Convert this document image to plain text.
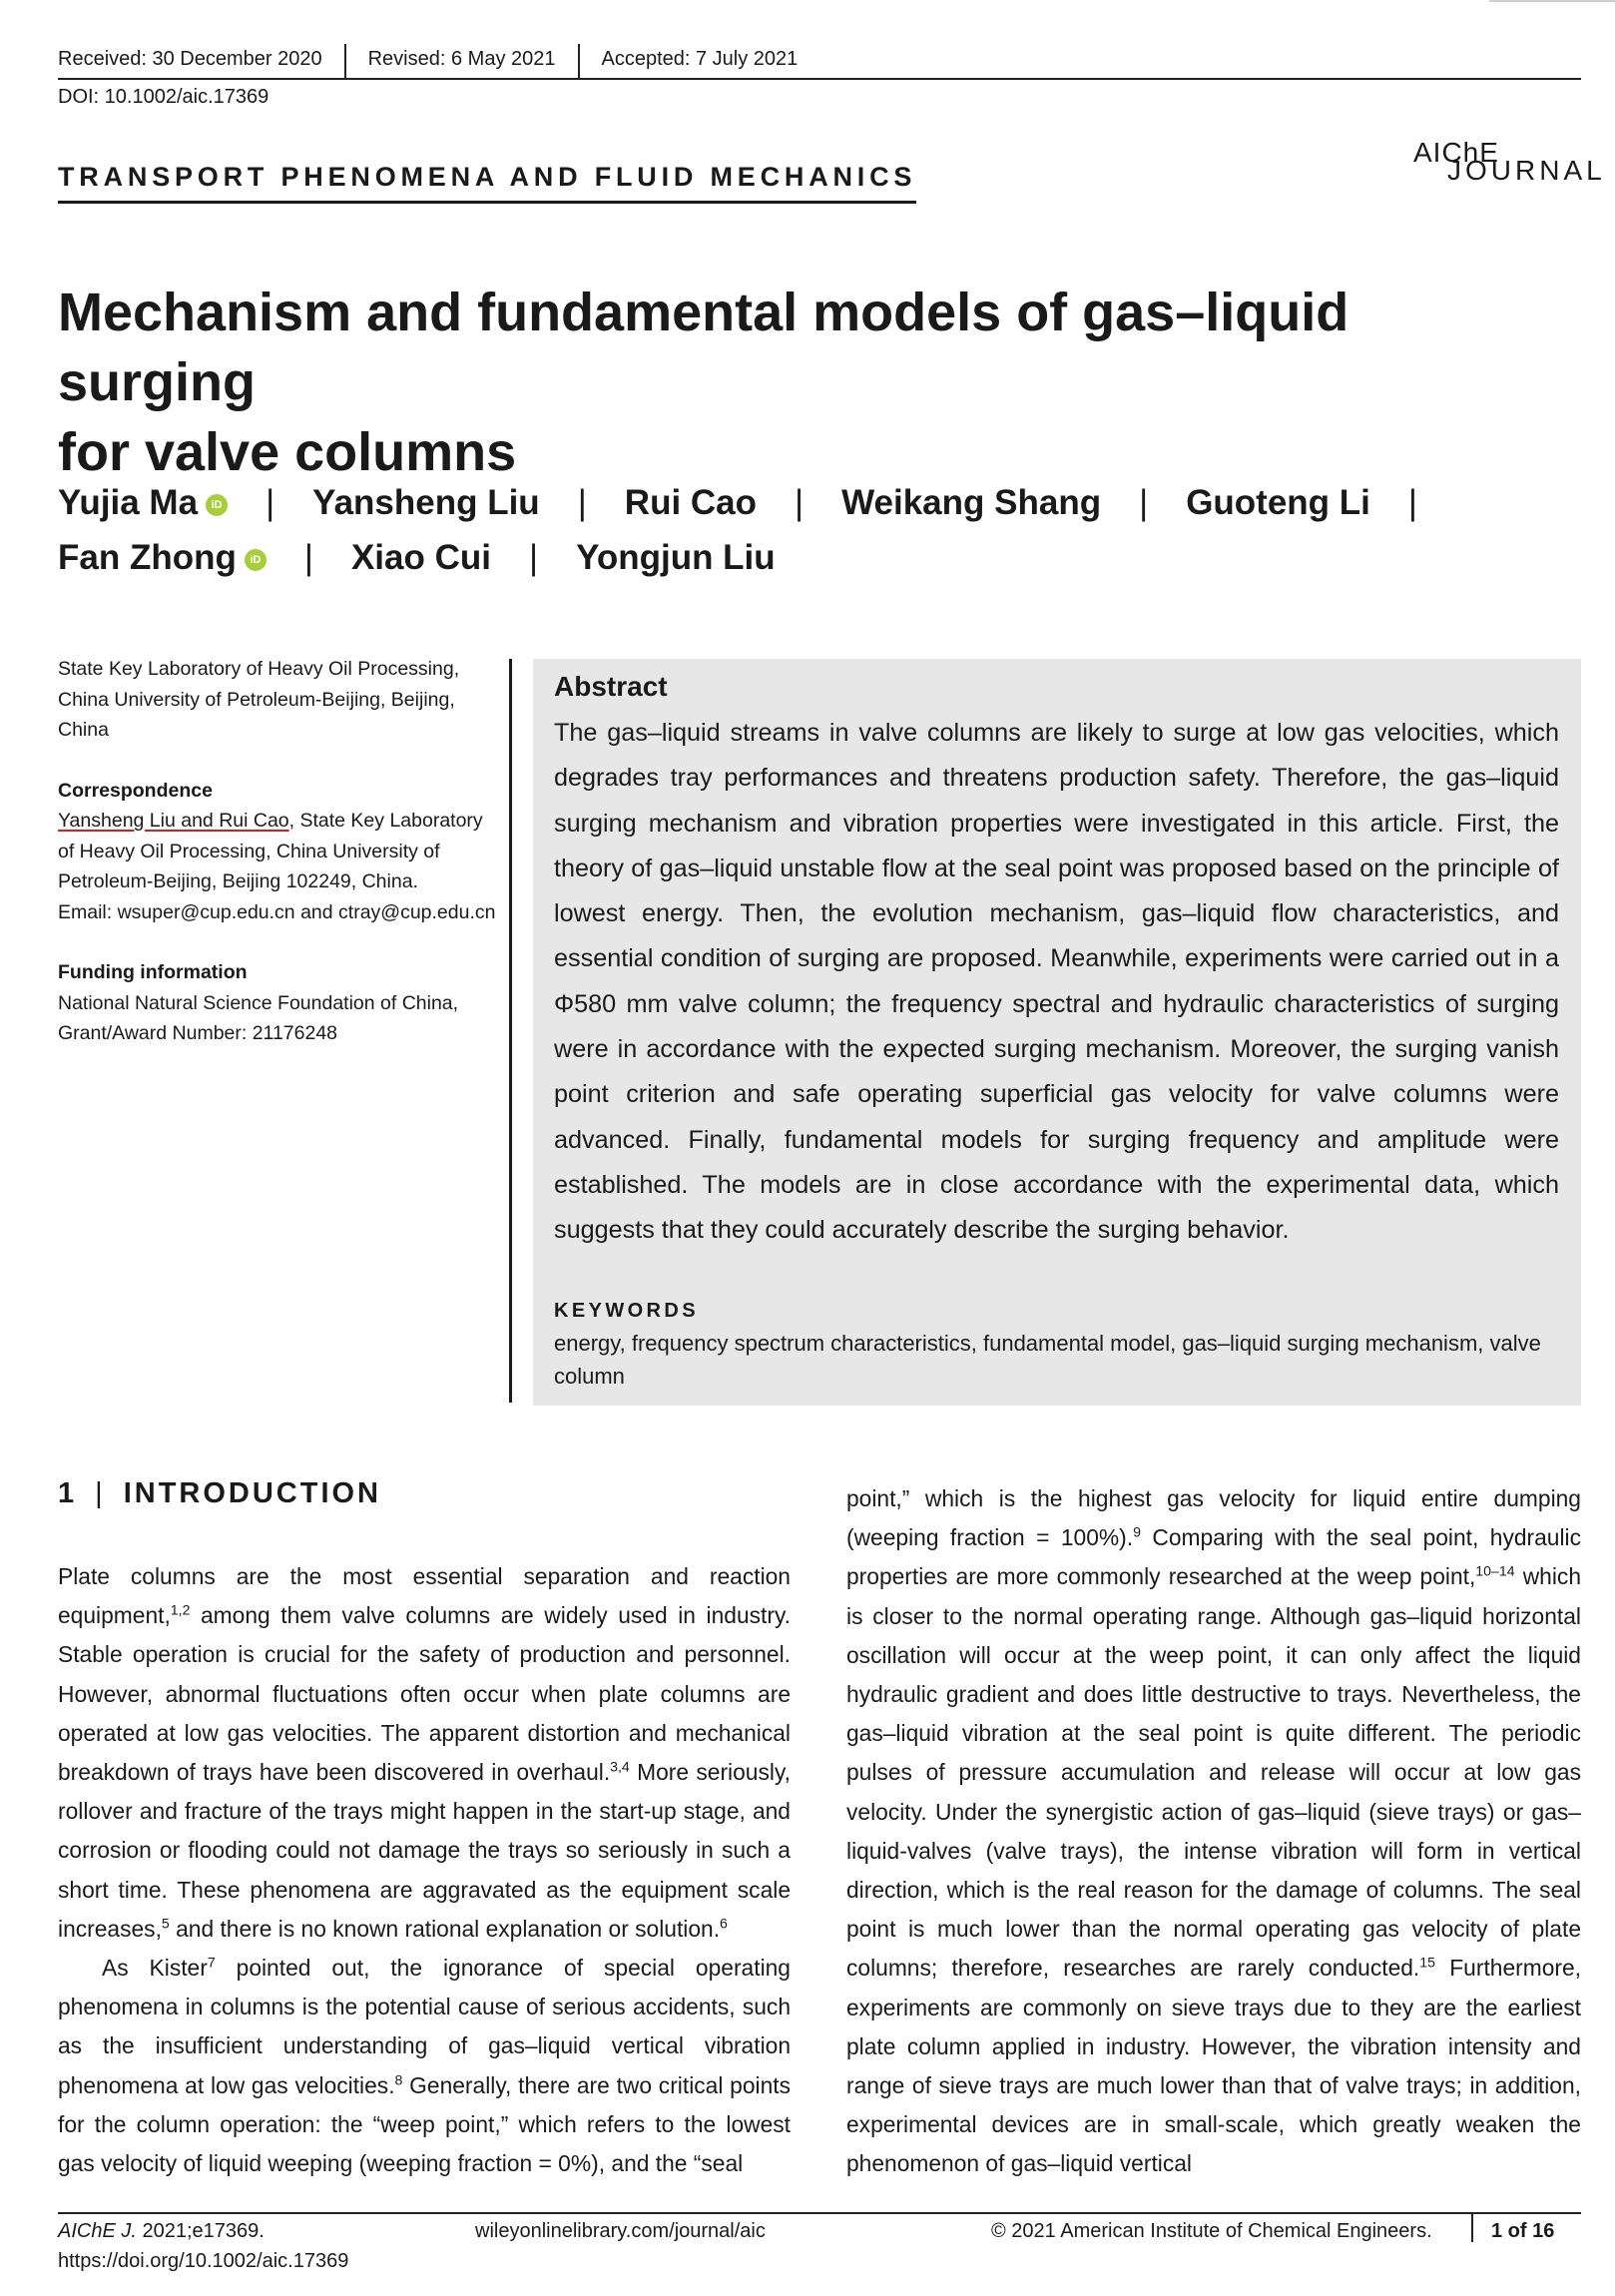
Received: 30 December 2020	Revised: 6 May 2021	Accepted: 7 July 2021
DOI: 10.1002/aic.17369
TRANSPORT PHENOMENA AND FLUID MECHANICS
AIChE
JOURNAL
Mechanism and fundamental models of gas–liquid surging
for valve columns
Yujia Ma iD | Yansheng Liu | Rui Cao | Weikang Shang | Guoteng Li |
Fan Zhong iD | Xiao Cui | Yongjun Liu

State Key Laboratory of Heavy Oil Processing, China University of Petroleum-Beijing, Beijing, China

Correspondence

Yansheng Liu and Rui Cao, State Key Laboratory of Heavy Oil Processing, China University of Petroleum-Beijing, Beijing 102249, China.

Email: wsuper@cup.edu.cn and ctray@cup.edu.cn

Funding information

National Natural Science Foundation of China, Grant/Award Number: 21176248

Abstract
The gas–liquid streams in valve columns are likely to surge at low gas velocities, which degrades tray performances and threatens production safety. Therefore, the gas–liquid surging mechanism and vibration properties were investigated in this article. First, the theory of gas–liquid unstable flow at the seal point was proposed based on the principle of lowest energy. Then, the evolution mechanism, gas–liquid flow characteristics, and essential condition of surging are proposed. Meanwhile, experiments were carried out in a Φ580 mm valve column; the frequency spectral and hydraulic characteristics of surging were in accordance with the expected surging mechanism. Moreover, the surging vanish point criterion and safe operating superficial gas velocity for valve columns were advanced. Finally, fundamental models for surging frequency and amplitude were established. The models are in close accordance with the experimental data, which suggests that they could accurately describe the surging behavior.
KEYWORDS
energy, frequency spectrum characteristics, fundamental model, gas–liquid surging mechanism, valve column
1 | INTRODUCTION

Plate columns are the most essential separation and reaction equipment,$^{1,2}$ among them valve columns are widely used in industry. Stable operation is crucial for the safety of production and personnel. However, abnormal fluctuations often occur when plate columns are operated at low gas velocities. The apparent distortion and mechanical breakdown of trays have been discovered in overhaul.$^{3,4}$ More seriously, rollover and fracture of the trays might happen in the start-up stage, and corrosion or flooding could not damage the trays so seriously in such a short time. These phenomena are aggravated as the equipment scale increases,$^5$ and there is no known rational explanation or solution.$^6$

As Kister$^7$ pointed out, the ignorance of special operating phenomena in columns is the potential cause of serious accidents, such as the insufficient understanding of gas–liquid vertical vibration phenomena at low gas velocities.$^8$ Generally, there are two critical points for the column operation: the “weep point,” which refers to the lowest gas velocity of liquid weeping (weeping fraction = 0%), and the “seal

point,” which is the highest gas velocity for liquid entire dumping (weeping fraction = 100%).$^9$ Comparing with the seal point, hydraulic properties are more commonly researched at the weep point,$^{10-14}$ which is closer to the normal operating range. Although gas–liquid horizontal oscillation will occur at the weep point, it can only affect the liquid hydraulic gradient and does little destructive to trays. Nevertheless, the gas–liquid vibration at the seal point is quite different. The periodic pulses of pressure accumulation and release will occur at low gas velocity. Under the synergistic action of gas–liquid (sieve trays) or gas–liquid-valves (valve trays), the intense vibration will form in vertical direction, which is the real reason for the damage of columns. The seal point is much lower than the normal operating gas velocity of plate columns; therefore, researches are rarely conducted.$^{15}$ Furthermore, experiments are commonly on sieve trays due to they are the earliest plate column applied in industry. However, the vibration intensity and range of sieve trays are much lower than that of valve trays; in addition, experimental devices are in small-scale, which greatly weaken the phenomenon of gas–liquid vertical

AIChE J. 2021;e17369.
https://doi.org/10.1002/aic.17369
wileyonlinelibrary.com/journal/aic	© 2021 American Institute of Chemical Engineers.	1 of 16
